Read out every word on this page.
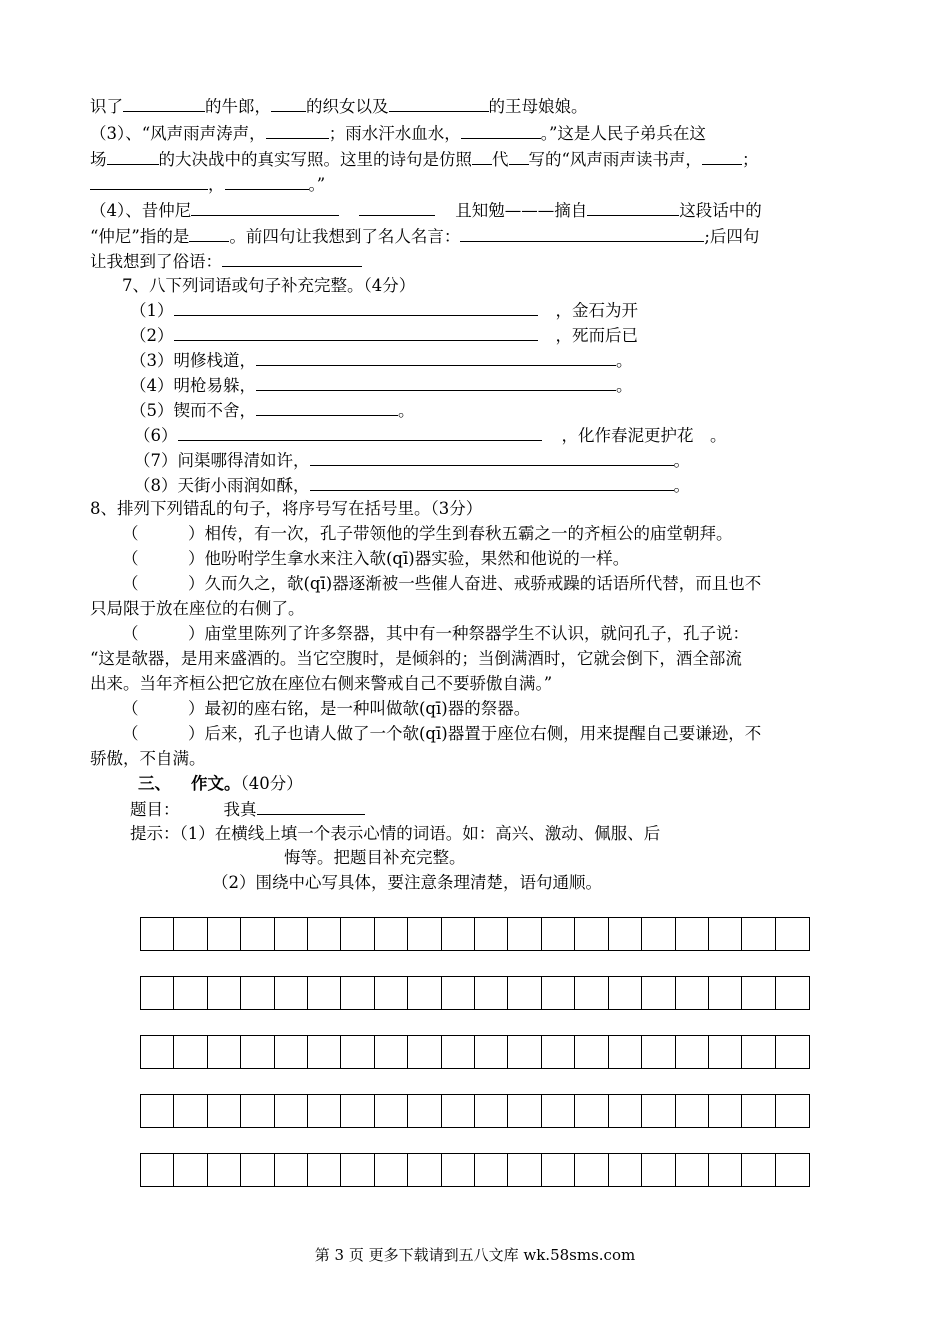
识了	的牛郎， 的织女以及	的王母娘娘。
（3）、“风声雨声涛声，	；雨水汗水血水，	。”这是人民子弟兵在这
场	的大决战中的真实写照。这里的诗句是仿照 代 写的“风声雨声读书声， ；
，	。”
（4）、昔仲尼	且知勉———摘自	这段话中的
“仲尼”指的是 。前四句让我想到了名人名言：	;后四句
让我想到了俗语：
7、八下列词语或句子补充完整。（4分）
（1）	，金石为开
（2）	，死而后已
（3）明修栈道，	。
（4）明枪易躲，	。
（5）锲而不舍，	。
（6）	，化作春泥更护花　。
（7）问渠哪得清如许，	。
（8）天街小雨润如酥，	。
8、排列下列错乱的句子，将序号写在括号里。（3分）
（　　　）相传，有一次，孔子带领他的学生到春秋五霸之一的齐桓公的庙堂朝拜。
（　　　）他吩咐学生拿水来注入欹(qī)器实验，果然和他说的一样。
（　　　）久而久之，欹(qī)器逐渐被一些催人奋进、戒骄戒躁的话语所代替，而且也不
只局限于放在座位的右侧了。
（　　　）庙堂里陈列了许多祭器，其中有一种祭器学生不认识，就问孔子，孔子说：
“这是欹器，是用来盛酒的。当它空腹时，是倾斜的；当倒满酒时，它就会倒下，酒全部流
出来。当年齐桓公把它放在座位右侧来警戒自己不要骄傲自满。”
（　　　）最初的座右铭，是一种叫做欹(qī)器的祭器。
（　　　）后来，孔子也请人做了一个欹(qī)器置于座位右侧，用来提醒自己要谦逊，不
骄傲，不自满。
三、 作文。（40分）
题目：	我真
提示：（1）在横线上填一个表示心情的词语。如：高兴、激动、佩服、后
悔等。把题目补充完整。
（2）围绕中心写具体，要注意条理清楚，语句通顺。
第 3 页 更多下载请到五八文库 wk.58sms.com
